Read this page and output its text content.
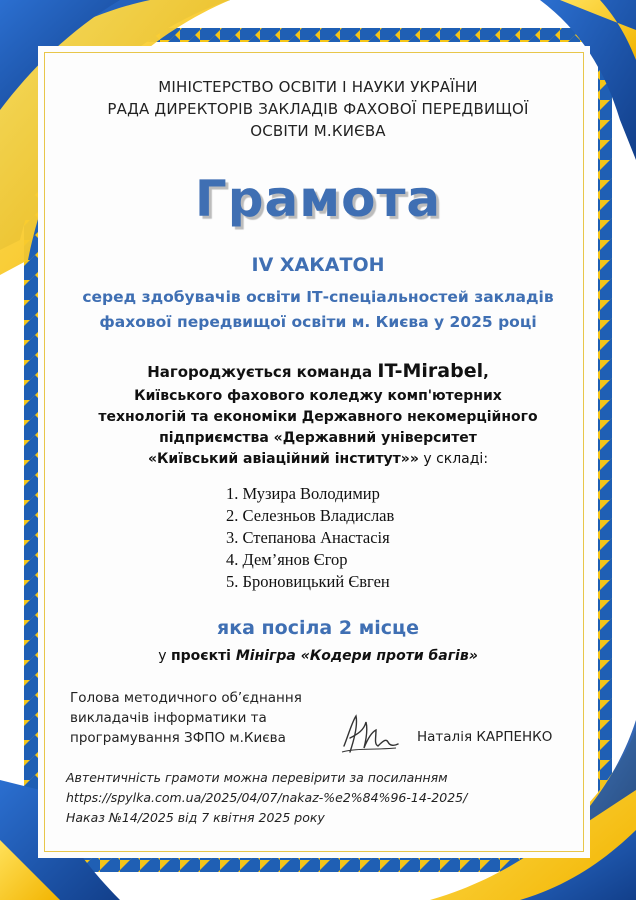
МІНІСТЕРСТВО ОСВІТИ І НАУКИ УКРАЇНИ
РАДА ДИРЕКТОРІВ ЗАКЛАДІВ ФАХОВОЇ ПЕРЕДВИЩОЇ
ОСВІТИ М.КИЄВА
Грамота
IV ХАКАТОН
серед здобувачів освіти ІТ-спеціальностей закладів
фахової передвищої освіти м. Києва у 2025 році
Нагороджується команда IT-Mirabel,
Київського фахового коледжу комп'ютерних
технологій та економіки Державного некомерційного
підприємства «Державний університет
«Київський авіаційний інститут»» у складі:
1. Музира Володимир
2. Селезньов Владислав
3. Степанова Анастасія
4. Дем’янов Єгор
5. Броновицький Євген
яка посіла 2 місце
у проєкті Мінігра «Кодери проти багів»
Голова методичного об’єднання
викладачів інформатики та
програмування ЗФПО м.Києва	Наталія КАРПЕНКО
Автентичність грамоти можна перевірити за посиланням
https://spylka.com.ua/2025/04/07/nakaz-%e2%84%96-14-2025/
Наказ №14/2025 від 7 квітня 2025 року
